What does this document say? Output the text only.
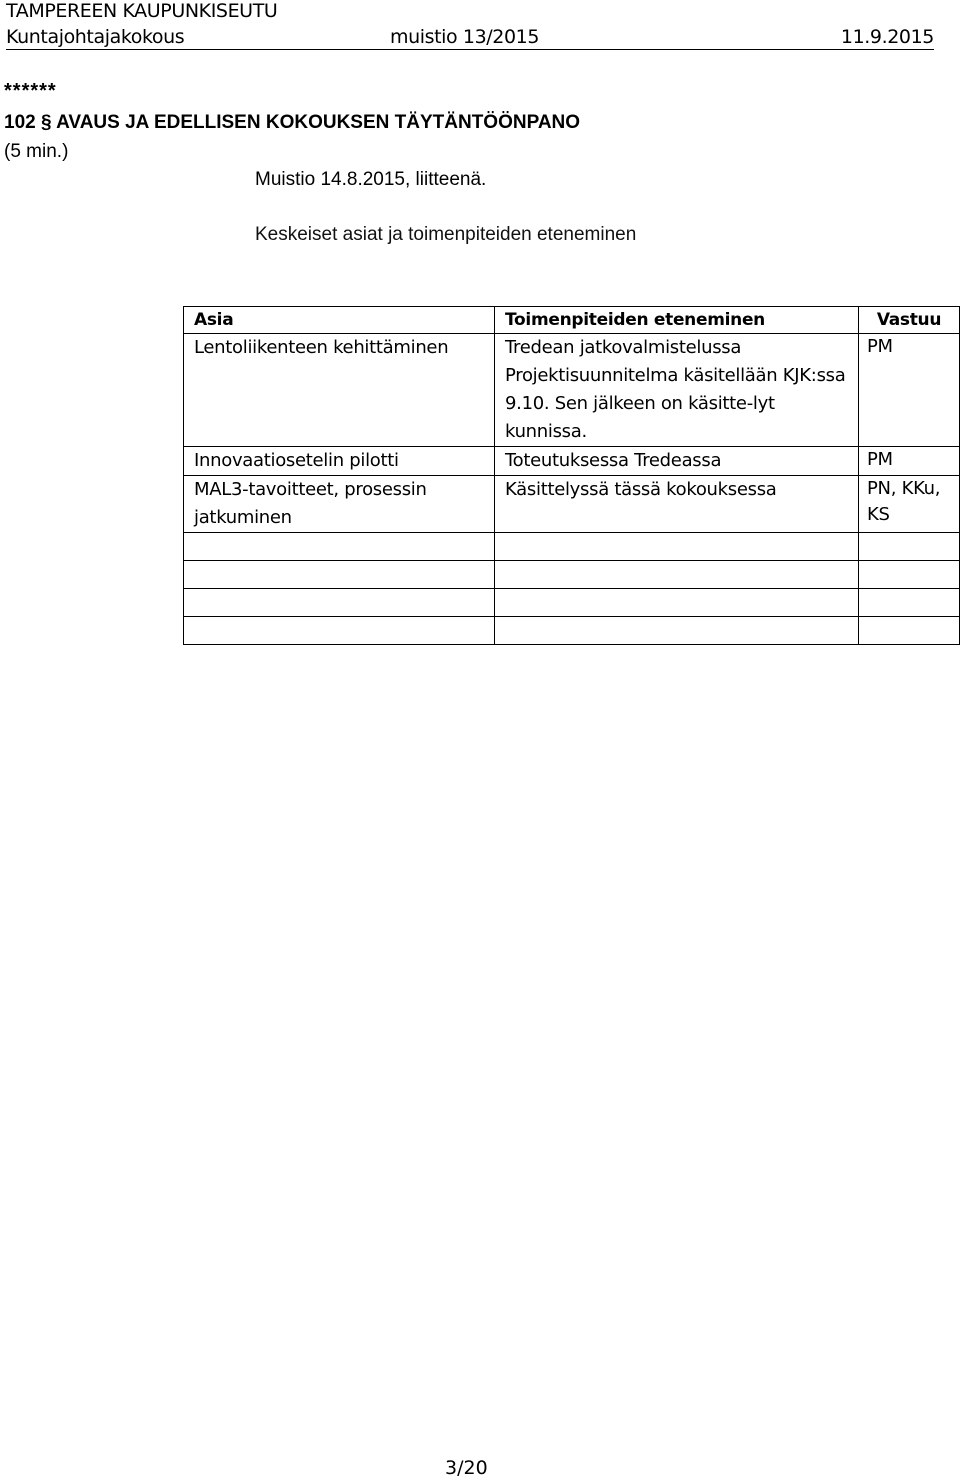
TAMPEREEN KAUPUNKISEUTU
Kuntajohtajakokous	muistio 13/2015	11.9.2015
******
102 § AVAUS JA EDELLISEN KOKOUKSEN TÄYTÄNTÖÖNPANO
(5 min.)
Muistio 14.8.2015, liitteenä.
Keskeiset asiat ja toimenpiteiden eteneminen
Asia	Toimenpiteiden eteneminen	Vastuu
Lentoliikenteen kehittäminen	Tredean jatkovalmistelussa Projektisuunnitelma käsitellään KJK:ssa 9.10. Sen jälkeen on käsitte-lyt kunnissa.	PM
Innovaatiosetelin pilotti	Toteutuksessa Tredeassa	PM
MAL3-tavoitteet, prosessin jatkuminen	Käsittelyssä tässä kokouksessa	PN, KKu, KS

3/20
